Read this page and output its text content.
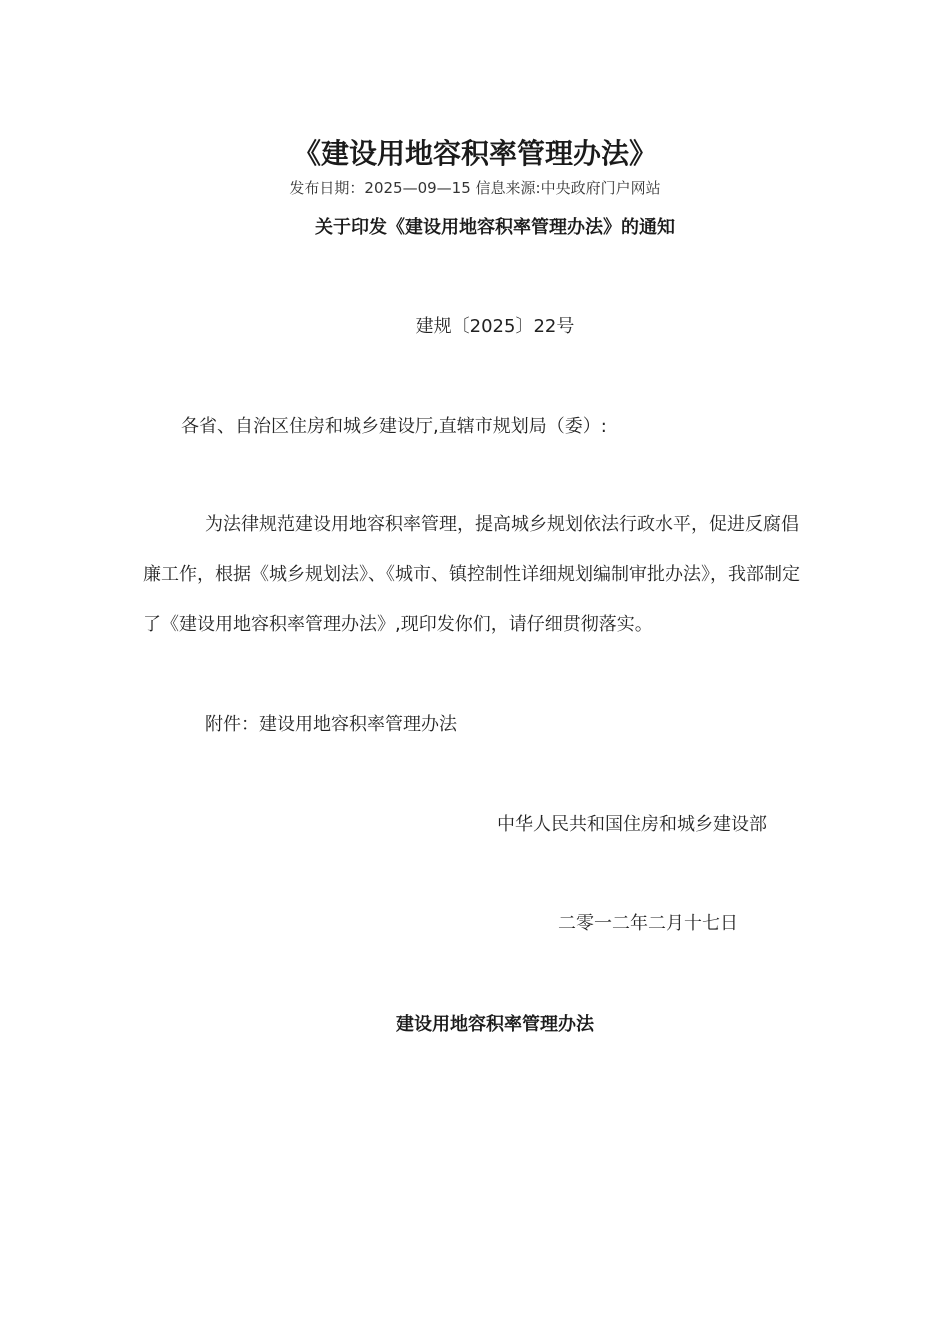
《建设用地容积率管理办法》
发布日期：2025—09—15 信息来源:中央政府门户网站
关于印发《建设用地容积率管理办法》的通知
建规〔2025〕22号
各省、自治区住房和城乡建设厅,直辖市规划局（委）:

为法律规范建设用地容积率管理，提高城乡规划依法行政水平，促进反腐倡廉工作，根据《城乡规划法》、《城市、镇控制性详细规划编制审批办法》，我部制定了《建设用地容积率管理办法》,现印发你们，请仔细贯彻落实。

附件：建设用地容积率管理办法
中华人民共和国住房和城乡建设部
二零一二年二月十七日
建设用地容积率管理办法
